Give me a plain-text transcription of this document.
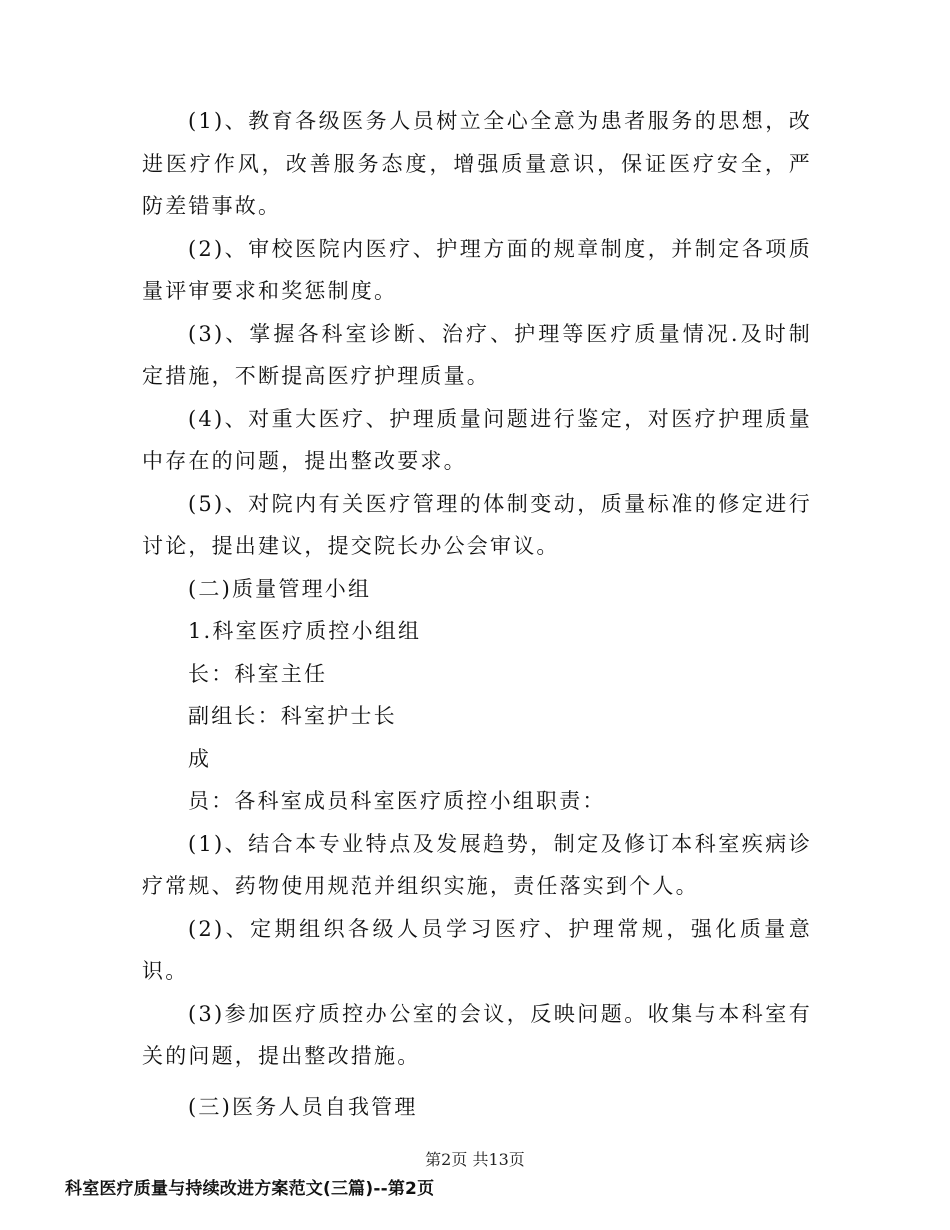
(1)、教育各级医务人员树立全心全意为患者服务的思想，改进医疗作风，改善服务态度，增强质量意识，保证医疗安全，严防差错事故。

(2)、审校医院内医疗、护理方面的规章制度，并制定各项质量评审要求和奖惩制度。

(3)、掌握各科室诊断、治疗、护理等医疗质量情况.及时制定措施，不断提高医疗护理质量。

(4)、对重大医疗、护理质量问题进行鉴定，对医疗护理质量中存在的问题，提出整改要求。

(5)、对院内有关医疗管理的体制变动，质量标准的修定进行讨论，提出建议，提交院长办公会审议。

(二)质量管理小组

1.科室医疗质控小组组

长：科室主任

副组长：科室护士长

成

员：各科室成员科室医疗质控小组职责：

(1)、结合本专业特点及发展趋势，制定及修订本科室疾病诊疗常规、药物使用规范并组织实施，责任落实到个人。

(2)、定期组织各级人员学习医疗、护理常规，强化质量意识。

(3)参加医疗质控办公室的会议，反映问题。收集与本科室有关的问题，提出整改措施。

(三)医务人员自我管理

第2页 共13页
科室医疗质量与持续改进方案范文(三篇)--第2页
